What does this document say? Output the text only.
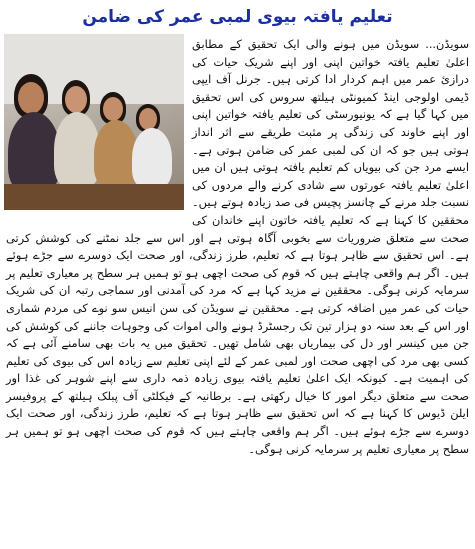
تعلیم یافتہ بیوی لمبی عمر کی ضامن

سویڈن... سویڈن میں ہونے والی ایک تحقیق کے مطابق اعلیٰ تعلیم یافتہ خواتین اپنی اور اپنے شریک حیات کی درازیٔ عمر میں اہم کردار ادا کرتی ہیں۔ جرنل آف ایپی ڈیمی اولوجی اینڈ کمیونٹی ہیلتھ سروس کی اس تحقیق میں کہا گیا ہے کہ یونیورسٹی کی تعلیم یافتہ خواتین اپنی اور اپنے خاوند کی زندگی پر مثبت طریقے سے اثر انداز ہوتی ہیں جو کہ ان کی لمبی عمر کی ضامن ہوتی ہے۔ ایسے مرد جن کی بیویاں کم تعلیم یافتہ ہوتی ہیں ان میں اعلیٰ تعلیم یافتہ عورتوں سے شادی کرنے والے مردوں کی نسبت جلد مرنے کے چانسز پچیس فی صد زیادہ ہوتے ہیں۔ محققین کا کہنا ہے کہ تعلیم یافتہ خاتون اپنے خاندان کی صحت سے متعلق ضروریات سے بخوبی آگاہ ہوتی ہے اور اس سے جلد نمٹنے کی کوشش کرتی ہے۔ اس تحقیق سے ظاہر ہوتا ہے کہ تعلیم، طرز زندگی، اور صحت ایک دوسرے سے جڑے ہوئے ہیں۔ اگر ہم واقعی چاہتے ہیں کہ قوم کی صحت اچھی ہو تو ہمیں ہر سطح پر معیاری تعلیم پر سرمایہ کرنی ہوگی۔ محققین نے مزید کہا ہے کہ مرد کی آمدنی اور سماجی رتبہ ان کی شریک حیات کی عمر میں اضافہ کرتی ہے۔ محققین نے سویڈن کی سن انیس سو نوے کی مردم شماری اور اس کے بعد سنہ دو ہزار تین تک رجسٹرڈ ہونے والی اموات کی وجوہات جاننے کی کوشش کی جن میں کینسر اور دل کی بیماریاں بھی شامل تھیں۔ تحقیق میں یہ بات بھی سامنے آئی ہے کہ کسی بھی مرد کی اچھی صحت اور لمبی عمر کے لئے اپنی تعلیم سے زیادہ اس کی بیوی کی تعلیم کی اہمیت ہے۔ کیونکہ ایک اعلیٰ تعلیم یافتہ بیوی زیادہ ذمہ داری سے اپنے شوہر کی غذا اور صحت سے متعلق دیگر امور کا خیال رکھتی ہے۔ برطانیہ کے فیکلٹی آف پبلک ہیلتھ کے پروفیسر ایلن ڈیوس کا کہنا ہے کہ اس تحقیق سے ظاہر ہوتا ہے کہ تعلیم، طرز زندگی، اور صحت ایک دوسرے سے جڑے ہوئے ہیں۔ اگر ہم واقعی چاہتے ہیں کہ قوم کی صحت اچھی ہو تو ہمیں ہر سطح پر معیاری تعلیم پر سرمایہ کرنی ہوگی۔
